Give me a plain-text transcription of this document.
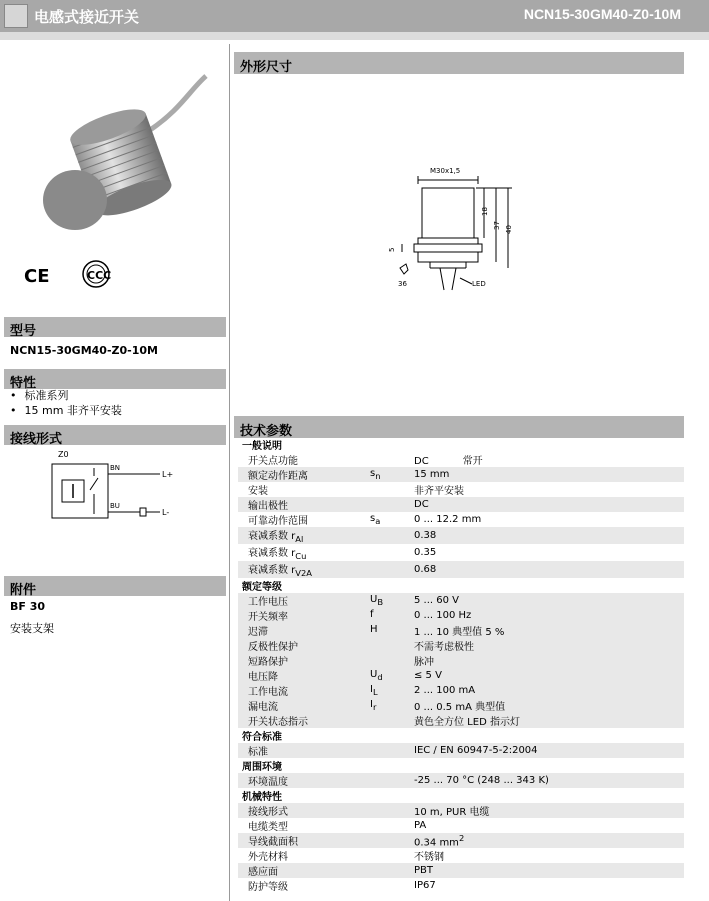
电感式接近开关	NCN15-30GM40-Z0-10M
CE	CCC
型号
NCN15-30GM40-Z0-10M
特性
• 标准系列
• 15 mm 非齐平安装
接线形式
Z0
BN
L+
BU
L-
附件
BF 30
安装支架
外形尺寸
M30x1,5
18
37 40
5
36	LED
技术参数
一般说明		
开关点功能		DC 常开
额定动作距离	$s_n$	15 mm
安装		非齐平安装
输出极性		DC
可靠动作范围	$s_a$	0 ... 12.2 mm
衰减系数 $r_{Al}$		0.38
衰减系数 $r_{Cu}$		0.35
衰减系数 $r_{V2A}$		0.68
额定等级		
工作电压	$U_B$	5 ... 60 V
开关频率	f	0 ... 100 Hz
迟滞	H	1 ... 10 典型值 5 %
反极性保护		不需考虑极性
短路保护		脉冲
电压降	$U_d$	≤ 5 V
工作电流	$I_L$	2 ... 100 mA
漏电流	$I_r$	0 ... 0.5 mA 典型值
开关状态指示		黄色全方位 LED 指示灯
符合标准		
标准		IEC / EN 60947-5-2:2004
周围环境		
环境温度		-25 ... 70 °C (248 ... 343 K)
机械特性		
接线形式		10 m, PUR 电缆
电缆类型		PA
导线截面积		0.34 $mm^2$
外壳材料		不锈钢
感应面		PBT
防护等级		IP67
